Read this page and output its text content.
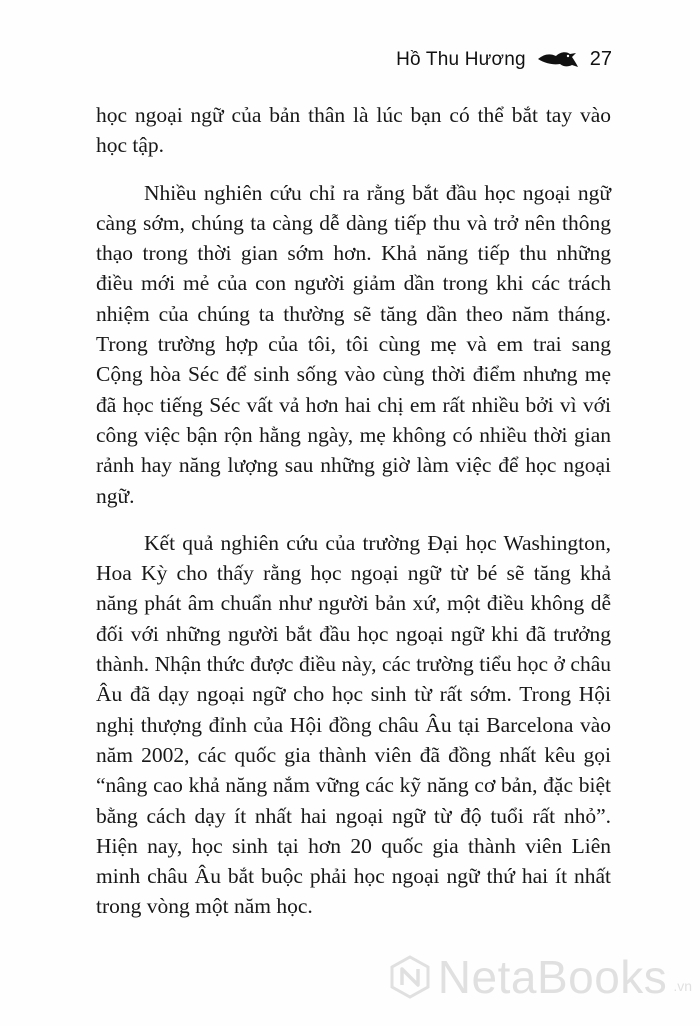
Hồ Thu Hương	27

học ngoại ngữ của bản thân là lúc bạn có thể bắt tay vào học tập.

Nhiều nghiên cứu chỉ ra rằng bắt đầu học ngoại ngữ càng sớm, chúng ta càng dễ dàng tiếp thu và trở nên thông thạo trong thời gian sớm hơn. Khả năng tiếp thu những điều mới mẻ của con người giảm dần trong khi các trách nhiệm của chúng ta thường sẽ tăng dần theo năm tháng. Trong trường hợp của tôi, tôi cùng mẹ và em trai sang Cộng hòa Séc để sinh sống vào cùng thời điểm nhưng mẹ đã học tiếng Séc vất vả hơn hai chị em rất nhiều bởi vì với công việc bận rộn hằng ngày, mẹ không có nhiều thời gian rảnh hay năng lượng sau những giờ làm việc để học ngoại ngữ.

Kết quả nghiên cứu của trường Đại học Washington, Hoa Kỳ cho thấy rằng học ngoại ngữ từ bé sẽ tăng khả năng phát âm chuẩn như người bản xứ, một điều không dễ đối với những người bắt đầu học ngoại ngữ khi đã trưởng thành. Nhận thức được điều này, các trường tiểu học ở châu Âu đã dạy ngoại ngữ cho học sinh từ rất sớm. Trong Hội nghị thượng đỉnh của Hội đồng châu Âu tại Barcelona vào năm 2002, các quốc gia thành viên đã đồng nhất kêu gọi “nâng cao khả năng nắm vững các kỹ năng cơ bản, đặc biệt bằng cách dạy ít nhất hai ngoại ngữ từ độ tuổi rất nhỏ”. Hiện nay, học sinh tại hơn 20 quốc gia thành viên Liên minh châu Âu bắt buộc phải học ngoại ngữ thứ hai ít nhất trong vòng một năm học.

NetaBooks .vn
